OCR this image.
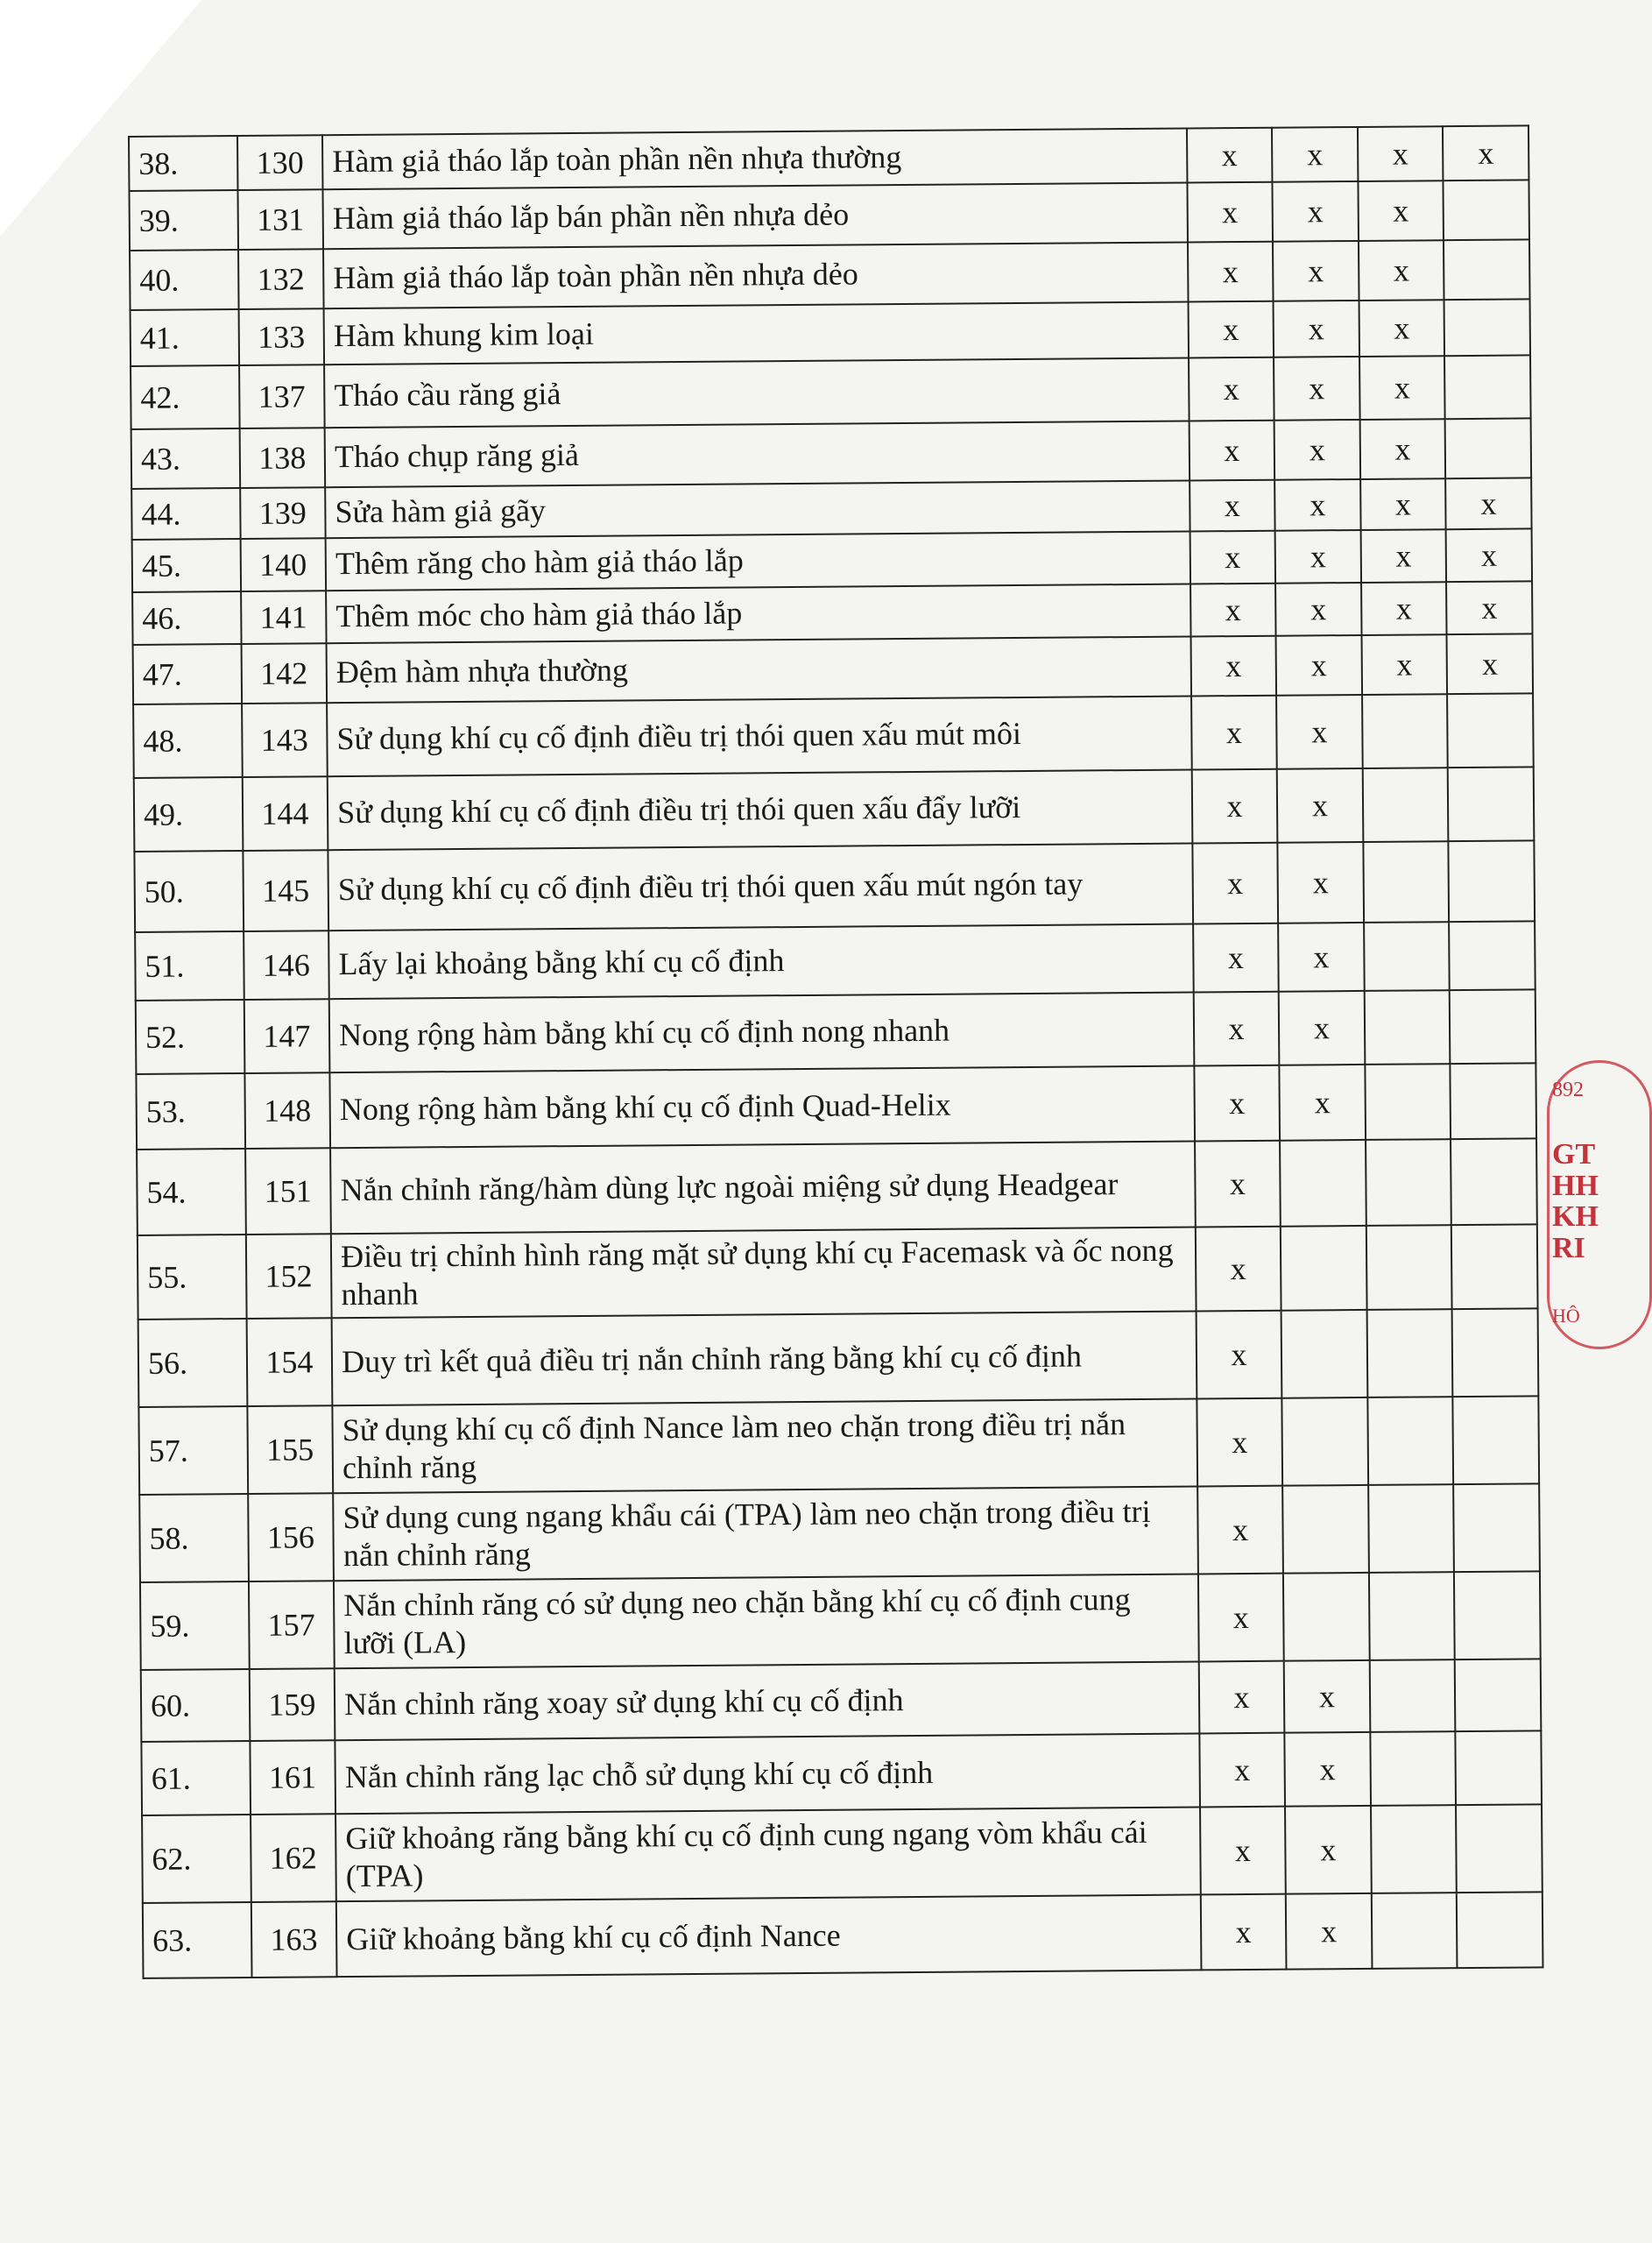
38.	130	Hàm giả tháo lắp toàn phần nền nhựa thường	x	x	x	x
39.	131	Hàm giả tháo lắp bán phần nền nhựa dẻo	x	x	x	
40.	132	Hàm giả tháo lắp toàn phần nền nhựa dẻo	x	x	x	
41.	133	Hàm khung kim loại	x	x	x	
42.	137	Tháo cầu răng giả	x	x	x	
43.	138	Tháo chụp răng giả	x	x	x	
44.	139	Sửa hàm giả gãy	x	x	x	x
45.	140	Thêm răng cho hàm giả tháo lắp	x	x	x	x
46.	141	Thêm móc cho hàm giả tháo lắp	x	x	x	x
47.	142	Đệm hàm nhựa thường	x	x	x	x
48.	143	Sử dụng khí cụ cố định điều trị thói quen xấu mút môi	x	x		
49.	144	Sử dụng khí cụ cố định điều trị thói quen xấu đẩy lưỡi	x	x		
50.	145	Sử dụng khí cụ cố định điều trị thói quen xấu mút ngón tay	x	x		
51.	146	Lấy lại khoảng bằng khí cụ cố định	x	x		
52.	147	Nong rộng hàm bằng khí cụ cố định nong nhanh	x	x		
53.	148	Nong rộng hàm bằng khí cụ cố định Quad-Helix	x	x		
54.	151	Nắn chỉnh răng/hàm dùng lực ngoài miệng sử dụng Headgear	x			
55.	152	Điều trị chỉnh hình răng mặt sử dụng khí cụ Facemask và ốc nong nhanh	x			
56.	154	Duy trì kết quả điều trị nắn chỉnh răng bằng khí cụ cố định	x			
57.	155	Sử dụng khí cụ cố định Nance làm neo chặn trong điều trị nắn chỉnh răng	x			
58.	156	Sử dụng cung ngang khẩu cái (TPA) làm neo chặn trong điều trị nắn chỉnh răng	x			
59.	157	Nắn chỉnh răng có sử dụng neo chặn bằng khí cụ cố định cung lưỡi (LA)	x			
60.	159	Nắn chỉnh răng xoay sử dụng khí cụ cố định	x	x		
61.	161	Nắn chỉnh răng lạc chỗ sử dụng khí cụ cố định	x	x		
62.	162	Giữ khoảng răng bằng khí cụ cố định cung ngang vòm khẩu cái (TPA)	x	x		
63.	163	Giữ khoảng bằng khí cụ cố định Nance	x	x		
892
GT
HH
KH
RI
HÔ
